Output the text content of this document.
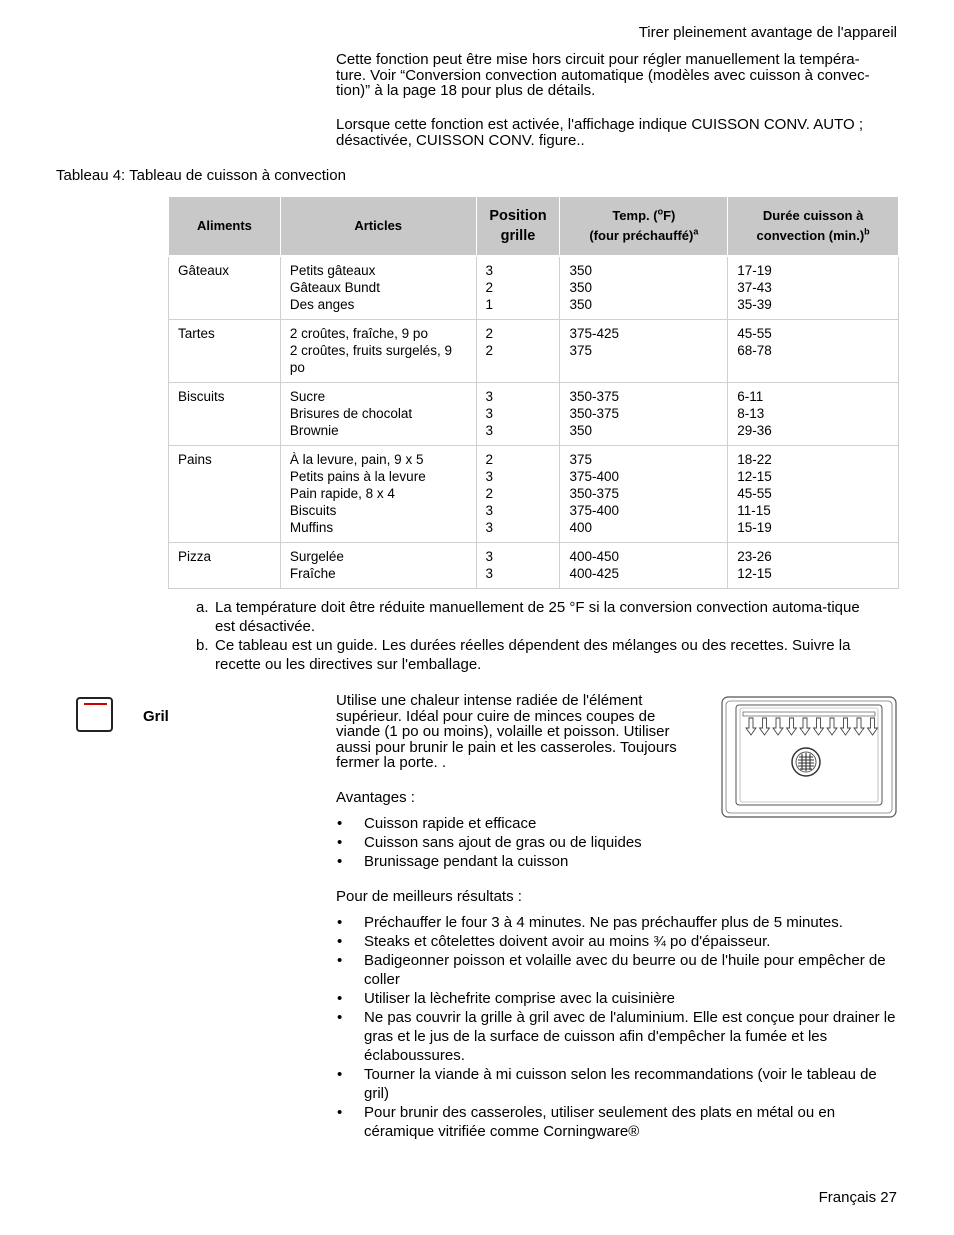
Tirer pleinement avantage de l'appareil
Cette fonction peut être mise hors circuit pour régler manuellement la tempéra-
ture. Voir “Conversion convection automatique (modèles avec cuisson à convec-
tion)” à la page 18 pour plus de détails.
Lorsque cette fonction est activée, l'affichage indique CUISSON CONV. AUTO ;
désactivée, CUISSON CONV. figure..
Tableau 4: Tableau de cuisson à convection
Aliments	Articles	Position
grille	Temp. ($^o$F)
(four préchauffé)$^a$	Durée cuisson à
convection $(\min.)^b$

Gâteaux	Petits gâteaux
Gâteaux Bundt
Des anges	3
2
1	350
350
350	17-19
37-43
35-39

Tartes	2 croûtes, fraîche, 9 po
2 croûtes, fruits surgelés, 9
po	2
2	375-425
375	45-55
68-78

Biscuits	Sucre
Brisures de chocolat
Brownie	3
3
3	350-375
350-375
350	6-11
8-13
29-36

Pains	À la levure, pain, 9 x 5
Petits pains à la levure
Pain rapide, 8 x 4
Biscuits
Muffins	2
3
2
3
3	375
375-400
350-375
375-400
400	18-22
12-15
45-55
11-15
15-19

Pizza	Surgelée
Fraîche	3
3	400-450
400-425	23-26
12-15
a. La température doit être réduite manuellement de 25 °F si la conversion convection automa-tique est désactivée.
b. Ce tableau est un guide. Les durées réelles dépendent des mélanges ou des recettes. Suivre la recette ou les directives sur l'emballage.
Gril
Utilise une chaleur intense radiée de l'élément
supérieur. Idéal pour cuire de minces coupes de
viande (1 po ou moins), volaille et poisson. Utiliser
aussi pour brunir le pain et les casseroles. Toujours
fermer la porte. .
Avantages :
• Cuisson rapide et efficace
• Cuisson sans ajout de gras ou de liquides
• Brunissage pendant la cuisson
Pour de meilleurs résultats :
• Préchauffer le four 3 à 4 minutes. Ne pas préchauffer plus de 5 minutes.
• Steaks et côtelettes doivent avoir au moins ¾ po d'épaisseur.
• Badigeonner poisson et volaille avec du beurre ou de l'huile pour empêcher de coller
• Utiliser la lèchefrite comprise avec la cuisinière
• Ne pas couvrir la grille à gril avec de l'aluminium. Elle est conçue pour drainer le gras et le jus de la surface de cuisson afin d'empêcher la fumée et les éclaboussures.
• Tourner la viande à mi cuisson selon les recommandations (voir le tableau de gril)
• Pour brunir des casseroles, utiliser seulement des plats en métal ou en céramique vitrifiée comme Corningware®
Français 27
